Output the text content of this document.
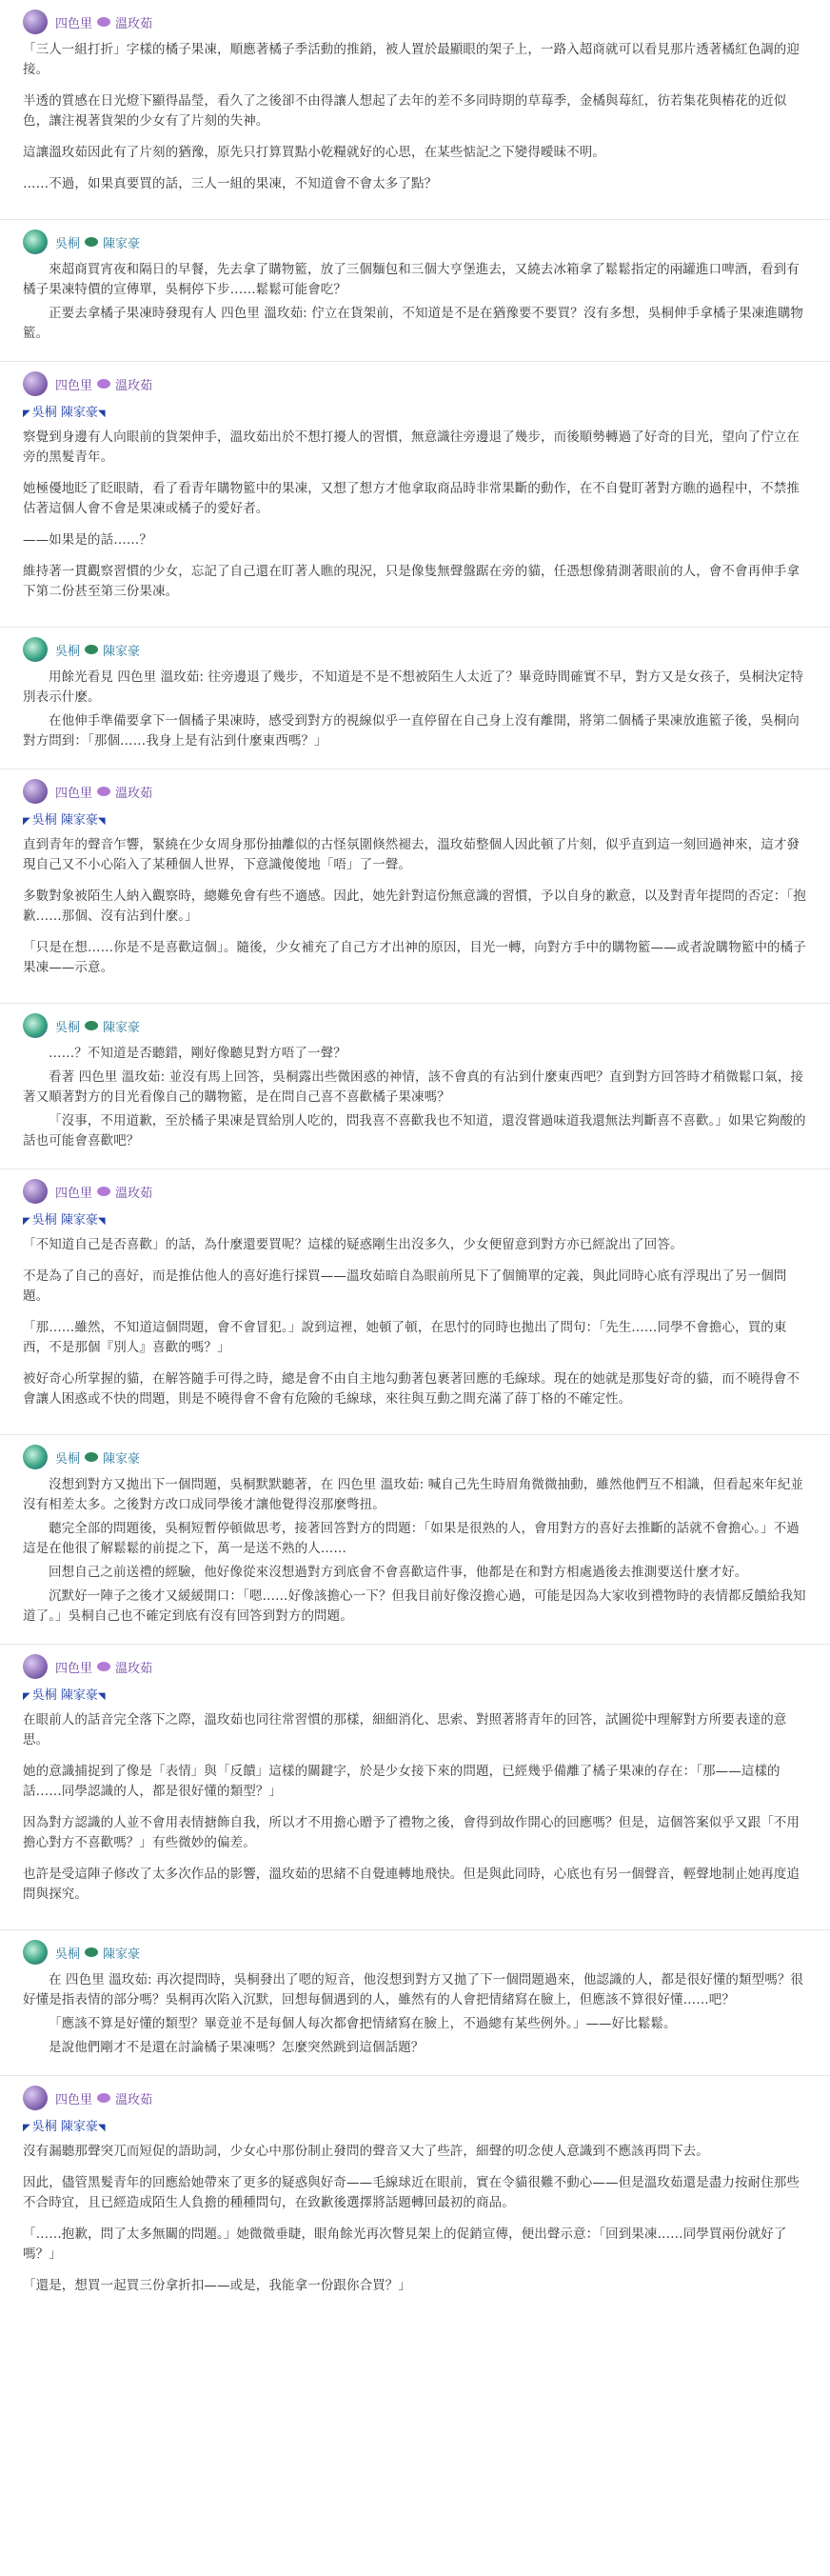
四色里 溫玫茹

「三人一組打折」字樣的橘子果凍，順應著橘子季活動的推銷，被人置於最顯眼的架子上，一路入超商就可以看見那片透著橘紅色調的迎接。

半透的質感在日光燈下顯得晶瑩，看久了之後卻不由得讓人想起了去年的差不多同時期的草莓季，金橘與莓紅，彷若集花與樁花的近似色，讓注視著貨架的少女有了片刻的失神。

這讓溫玫茹因此有了片刻的猶豫，原先只打算買點小乾糧就好的心思，在某些惦記之下變得曖昧不明。

……不過，如果真要買的話，三人一組的果凍，不知道會不會太多了點？

吳桐 陳家豪

來超商買宵夜和隔日的早餐，先去拿了購物籃，放了三個麵包和三個大亨堡進去，又繞去冰箱拿了鬆鬆指定的兩罐進口啤酒，看到有橘子果凍特價的宣傳單，吳桐停下步……鬆鬆可能會吃？

正要去拿橘子果凍時發現有人 四色里 溫玫茹: 佇立在貨架前，不知道是不是在猶豫要不要買？沒有多想，吳桐伸手拿橘子果凍進購物籃。

四色里 溫玫茹
◤ 吳桐 陳家豪◥

察覺到身邊有人向眼前的貨架伸手，溫玫茹出於不想打擾人的習慣，無意識往旁邊退了幾步，而後順勢轉過了好奇的目光，望向了佇立在旁的黑髮青年。

她極優地眨了眨眼睛，看了看青年購物籃中的果凍，又想了想方才他拿取商品時非常果斷的動作，在不自覺盯著對方瞧的過程中，不禁推估著這個人會不會是果凍或橘子的愛好者。

——如果是的話……？

維持著一貫觀察習慣的少女，忘記了自己還在盯著人瞧的現況，只是像隻無聲盤踞在旁的貓，任憑想像猜測著眼前的人，會不會再伸手拿下第二份甚至第三份果凍。

吳桐 陳家豪

用餘光看見 四色里 溫玫茹: 往旁邊退了幾步，不知道是不是不想被陌生人太近了？畢竟時間確實不早，對方又是女孩子，吳桐決定特別表示什麼。

在他伸手準備要拿下一個橘子果凍時，感受到對方的視線似乎一直停留在自己身上沒有離開，將第二個橘子果凍放進籃子後，吳桐向對方問到：「那個……我身上是有沾到什麼東西嗎？」

四色里 溫玫茹
◤ 吳桐 陳家豪◥

直到青年的聲音乍響，緊繞在少女周身那份抽離似的古怪氛圍倏然褪去，溫玫茹整個人因此頓了片刻，似乎直到這一刻回過神來，這才發現自己又不小心陷入了某種個人世界，下意識傻傻地「唔」了一聲。

多數對象被陌生人納入觀察時，總難免會有些不適感。因此，她先針對這份無意識的習慣，予以自身的歉意，以及對青年提問的否定：「抱歉……那個、沒有沾到什麼。」

「只是在想……你是不是喜歡這個」。隨後，少女補充了自己方才出神的原因，目光一轉，向對方手中的購物籃——或者說購物籃中的橘子果凍——示意。

吳桐 陳家豪

……？不知道是否聽錯，剛好像聽見對方唔了一聲？

看著 四色里 溫玫茹: 並沒有馬上回答，吳桐露出些微困惑的神情，該不會真的有沾到什麼東西吧？直到對方回答時才稍微鬆口氣，接著又順著對方的目光看像自己的購物籃，是在問自己喜不喜歡橘子果凍嗎？

「沒事，不用道歉，至於橘子果凍是買給別人吃的，問我喜不喜歡我也不知道，還沒嘗過味道我還無法判斷喜不喜歡。」如果它夠酸的話也可能會喜歡吧？

四色里 溫玫茹
◤ 吳桐 陳家豪◥

「不知道自己是否喜歡」的話，為什麼還要買呢？這樣的疑惑剛生出沒多久，少女便留意到對方亦已經說出了回答。

不是為了自己的喜好，而是推估他人的喜好進行採買——溫玫茹暗自為眼前所見下了個簡單的定義，與此同時心底有浮現出了另一個問題。

「那……雖然，不知道這個問題，會不會冒犯。」說到這裡，她頓了頓，在思忖的同時也拋出了問句：「先生……同學不會擔心，買的東西，不是那個『別人』喜歡的嗎？」

被好奇心所掌握的貓，在解答隨手可得之時，總是會不由自主地勾動著包裹著回應的毛線球。現在的她就是那隻好奇的貓，而不曉得會不會讓人困惑或不快的問題，則是不曉得會不會有危險的毛線球，來往與互動之間充滿了薛丁格的不確定性。

吳桐 陳家豪

沒想到對方又拋出下一個問題，吳桐默默聽著，在 四色里 溫玫茹: 喊自己先生時眉角微微抽動，雖然他們互不相識，但看起來年紀並沒有相差太多。之後對方改口成同學後才讓他覺得沒那麼彆扭。

聽完全部的問題後，吳桐短暫停頓做思考，接著回答對方的問題：「如果是很熟的人，會用對方的喜好去推斷的話就不會擔心。」不過這是在他很了解鬆鬆的前提之下，萬一是送不熟的人……

回想自己之前送禮的經驗，他好像從來沒想過對方到底會不會喜歡這件事，他都是在和對方相處過後去推測要送什麼才好。

沉默好一陣子之後才又緩緩開口：「嗯……好像該擔心一下？但我目前好像沒擔心過，可能是因為大家收到禮物時的表情都反饋給我知道了。」吳桐自己也不確定到底有沒有回答到對方的問題。

四色里 溫玫茹
◤ 吳桐 陳家豪◥

在眼前人的話音完全落下之際，溫玫茹也同往常習慣的那樣，細細消化、思索、對照著將青年的回答，試圖從中理解對方所要表達的意思。

她的意識捕捉到了像是「表情」與「反饋」這樣的關鍵字，於是少女接下來的問題，已經幾乎備離了橘子果凍的存在：「那——這樣的話……同學認識的人，都是很好懂的類型？」

因為對方認識的人並不會用表情搪飾自我，所以才不用擔心贈予了禮物之後，會得到故作開心的回應嗎？但是，這個答案似乎又跟「不用擔心對方不喜歡嗎？」有些微妙的偏差。

也許是受這陣子修改了太多次作品的影響，溫玫茹的思緒不自覺連轉地飛快。但是與此同時，心底也有另一個聲音，輕聲地制止她再度追問與探究。

吳桐 陳家豪

在 四色里 溫玫茹: 再次提問時，吳桐發出了嗯的短音，他沒想到對方又拋了下一個問題過來，他認識的人，都是很好懂的類型嗎？很好懂是指表情的部分嗎？吳桐再次陷入沉默，回想每個遇到的人，雖然有的人會把情緒寫在臉上，但應該不算很好懂……吧？

「應該不算是好懂的類型？畢竟並不是每個人每次都會把情緒寫在臉上，不過總有某些例外。」——好比鬆鬆。

是說他們剛才不是還在討論橘子果凍嗎？怎麼突然跳到這個話題？

四色里 溫玫茹
◤ 吳桐 陳家豪◥

沒有漏聽那聲突兀而短促的語助詞，少女心中那份制止發問的聲音又大了些許，細聲的叨念使人意識到不應該再問下去。

因此，儘管黑髮青年的回應給她帶來了更多的疑惑與好奇——毛線球近在眼前，實在令貓很難不動心——但是溫玫茹還是盡力按耐住那些不合時宜，且已經造成陌生人負擔的種種問句，在致歉後選擇將話題轉回最初的商品。

「……抱歉，問了太多無關的問題。」她微微垂睫，眼角餘光再次瞥見架上的促銷宣傳，便出聲示意：「回到果凍……同學買兩份就好了嗎？」

「還是，想買一起買三份拿折扣——或是，我能拿一份跟你合買？」
